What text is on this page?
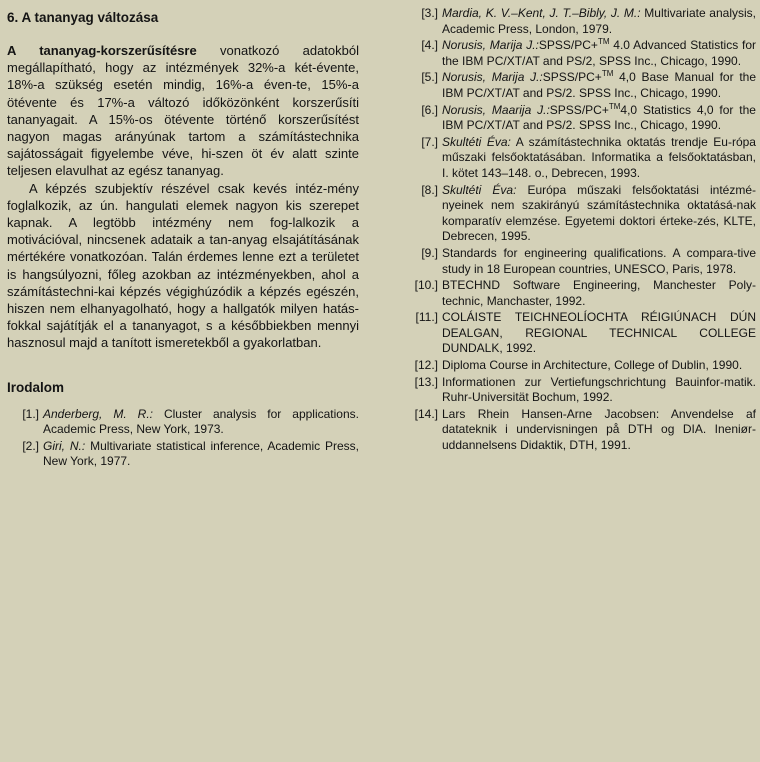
6. A tananyag változása

A tananyag-korszerűsítésre vonatkozó adatokból megállapítható, hogy az intézmények 32%-a két-évente, 18%-a szükség esetén mindig, 16%-a éven-te, 15%-a ötévente és 17%-a változó időközönként korszerűsíti tananyagait. A 15%-os ötévente történő korszerűsítést nagyon magas arányúnak tartom a számítástechnika sajátosságait figyelembe véve, hi-szen öt év alatt szinte teljesen elavulhat az egész tananyag.

A képzés szubjektív részével csak kevés intéz-mény foglalkozik, az ún. hangulati elemek nagyon kis szerepet kapnak. A legtöbb intézmény nem fog-lalkozik a motivációval, nincsenek adataik a tan-anyag elsajátításának mértékére vonatkozóan. Talán érdemes lenne ezt a területet is hangsúlyozni, főleg azokban az intézményekben, ahol a számítástechni-kai képzés végighúzódik a képzés egészén, hiszen nem elhanyagolható, hogy a hallgatók milyen hatás-fokkal sajátítják el a tananyagot, s a későbbiekben mennyi hasznosul majd a tanított ismeretekből a gyakorlatban.

Irodalom
[1.] Anderberg, M. R.: Cluster analysis for applications. Academic Press, New York, 1973.
[2.] Giri, N.: Multivariate statistical inference, Academic Press, New York, 1977.
[3.] Mardia, K. V.–Kent, J. T.–Bibly, J. M.: Multivariate analysis, Academic Press, London, 1979.
[4.] Norusis, Marija J.:SPSS/PC+™ 4.0 Advanced Statistics for the IBM PC/XT/AT and PS/2, SPSS Inc., Chicago, 1990.
[5.] Norusis, Marija J.:SPSS/PC+™ 4,0 Base Manual for the IBM PC/XT/AT and PS/2. SPSS Inc., Chicago, 1990.
[6.] Norusis, Maarija J.:SPSS/PC+™4,0 Statistics 4,0 for the IBM PC/XT/AT and PS/2. SPSS Inc., Chicago, 1990.
[7.] Skultéti Éva: A számítástechnika oktatás trendje Eu-rópa műszaki felsőoktatásában. Informatika a felsőoktatásban, I. kötet 143–148. o., Debrecen, 1993.
[8.] Skultéti Éva: Európa műszaki felsőoktatási intézmé-nyeinek nem szakirányú számítástechnika oktatásá-nak komparatív elemzése. Egyetemi doktori érteke-zés, KLTE, Debrecen, 1995.
[9.] Standards for engineering qualifications. A compara-tive study in 18 European countries, UNESCO, Paris, 1978.
[10.] BTECHND Software Engineering, Manchester Poly-technic, Manchaster, 1992.
[11.] COLÁISTE TEICHNEOLÍOCHTA RÉIGIÚNACH DÚN DEALGAN, REGIONAL TECHNICAL COLLEGE DUNDALK, 1992.
[12.] Diploma Course in Architecture, College of Dublin, 1990.
[13.] Informationen zur Vertiefungschrichtung Bauinfor-matik. Ruhr-Universität Bochum, 1992.
[14.] Lars Rhein Hansen-Arne Jacobsen: Anvendelse af datateknik i undervisningen på DTH og DIA. Ineniør-uddannelsens Didaktik, DTH, 1991.
